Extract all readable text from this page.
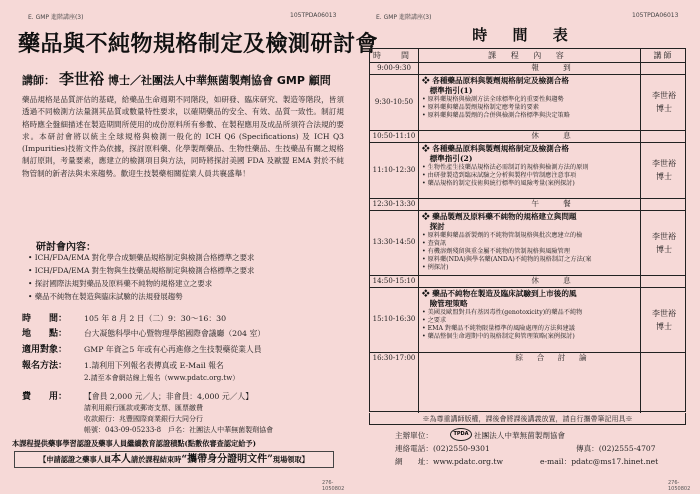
E. GMP 進階講座(3)	105TPDA06013
藥品與不純物規格制定及檢測研討會
講師： 李世裕 博士／社團法人中華無菌製劑協會 GMP 顧問
藥品規格是品質評估的基礎，給藥品生命週期不同階段，如研發、臨床研究、製造等階段，皆須透過不同檢測方法量測其品質或數量特性要求，以確期藥品的安全、有效、品質一致性。制訂規格時應全盤細描述在製造期間所使用的成份原料所有參數、在製程應用及成品所須符合法規的要求。本研討會將以統主全球規格與檢測一般化的 ICH Q6 (Specifications) 及 ICH Q3 (Impurities)技術文件為依據，探討原料藥、化學製劑藥品、生物性藥品、生技藥品有關之規格制訂原則，考量要素，應建立的檢測項目與方法，同時將探討美國 FDA 及歐盟 EMA 對於不純物管制的新者法與未來趨勢。歡迎生技製藥相關從業人員共襄盛舉！
研討會內容：
• ICH/FDA/EMA 對化學合成類藥品規格制定與檢測合格標準之要求
• ICH/FDA/EMA 對生物與生技藥品規格制定與檢測合格標準之要求
• 探討國際法規對藥品及原料藥不純物的規格建立之要求
• 藥品不純物在製造與臨床試驗的法規發展趨勢
時　　間： 105 年 8 月 2 日（二）9：30～16：30
地　　點： 台大凝態科學中心暨物理學館國際會議廳（204 室）
適用對象： GMP 年資≧5 年或有心再進修之生技製藥從業人員
報名方法： 1.請利用下列報名表傳真或 E-Mail 報名
2.請至本會網站線上報名（www.pdatc.org.tw）
費　　用： 【會員 2,000 元／人；非會員：4,000 元／人】
請利用銀行匯款或郵寄支票、匯票繳費
收款銀行：兆豐國際商業銀行大同分行
帳號：043-09-05233-8　戶名：社團法人中華無菌製劑協會
本課程提供藥事學習認證及藥事人員繼續教育認證積點(點數依審查認定給予)
【申請認證之藥事人員本人請於課程結束時“攜帶身分證明文件”現場領取】
276-1050802
E. GMP 進階講座(3)	105TPDA06013
276-1050802
時 間 表
時　間	課 程 內 容	講師
9:00-9:30	報　　到
9:30-10:50
❖ 各種藥品原料與製劑規格制定及檢測合格
　標準指引(1)
• 原料藥規格與檢測方法全球標準化的重要性與趨勢
• 原料藥與藥品製劑規格制定應考量的要素
• 原料藥與藥品製劑的合併與檢測合格標準與決定策略
李世裕
博士
10:50-11:10	休　　息
11:10-12:30
❖ 各種藥品原料與製劑規格制定及檢測合格
　標準指引(2)
• 生物性產生技藥品規格法必需制訂的規格與檢測方法的原則
• 由研發製造到臨床試驗之分析與製程中管制應注意事項
• 藥品規格的制定技術與統行標準的風險考量(案例探討)
李世裕
博士
12:30-13:30	午　　餐
13:30-14:50
❖ 藥品製劑及原料藥不純物的規格建立與問題
　探討
• 原料藥與藥品新製劑的不純物管制規格與批次應建立的檢
• 查資訊
• 有機溶劑殘留與重金屬不純物的管制規格與風險管理
• 原料藥(NDA)與學名藥(ANDA)不純物的規格制訂之方法(案
• 例探討)
李世裕
博士
14:50-15:10	休　　息
15:10-16:30
❖ 藥品不純物在製造及臨床試驗到上市後的風
　險管理策略
• 美國及歐盟對具有基因毒性(genotoxicity)的藥品不純物
• 之要求
• EMA 對藥品不純物限量標準的風險處理的方法與建議
• 藥品整個生命週期中的規格制定與管理策略(案例探討)
李世裕
博士
16:30-17:00	綜　合　討　論
※為尊重講師版權，課後會將課後講義放置，請自行攜帶筆記用具※
主辦單位：	TPDA 社團法人中華無菌製劑協會
連絡電話：(02)2550-9301	傳真：(02)2555-4707
網　　址：www.pdatc.org.tw	e-mail：pdatc@ms17.hinet.net
